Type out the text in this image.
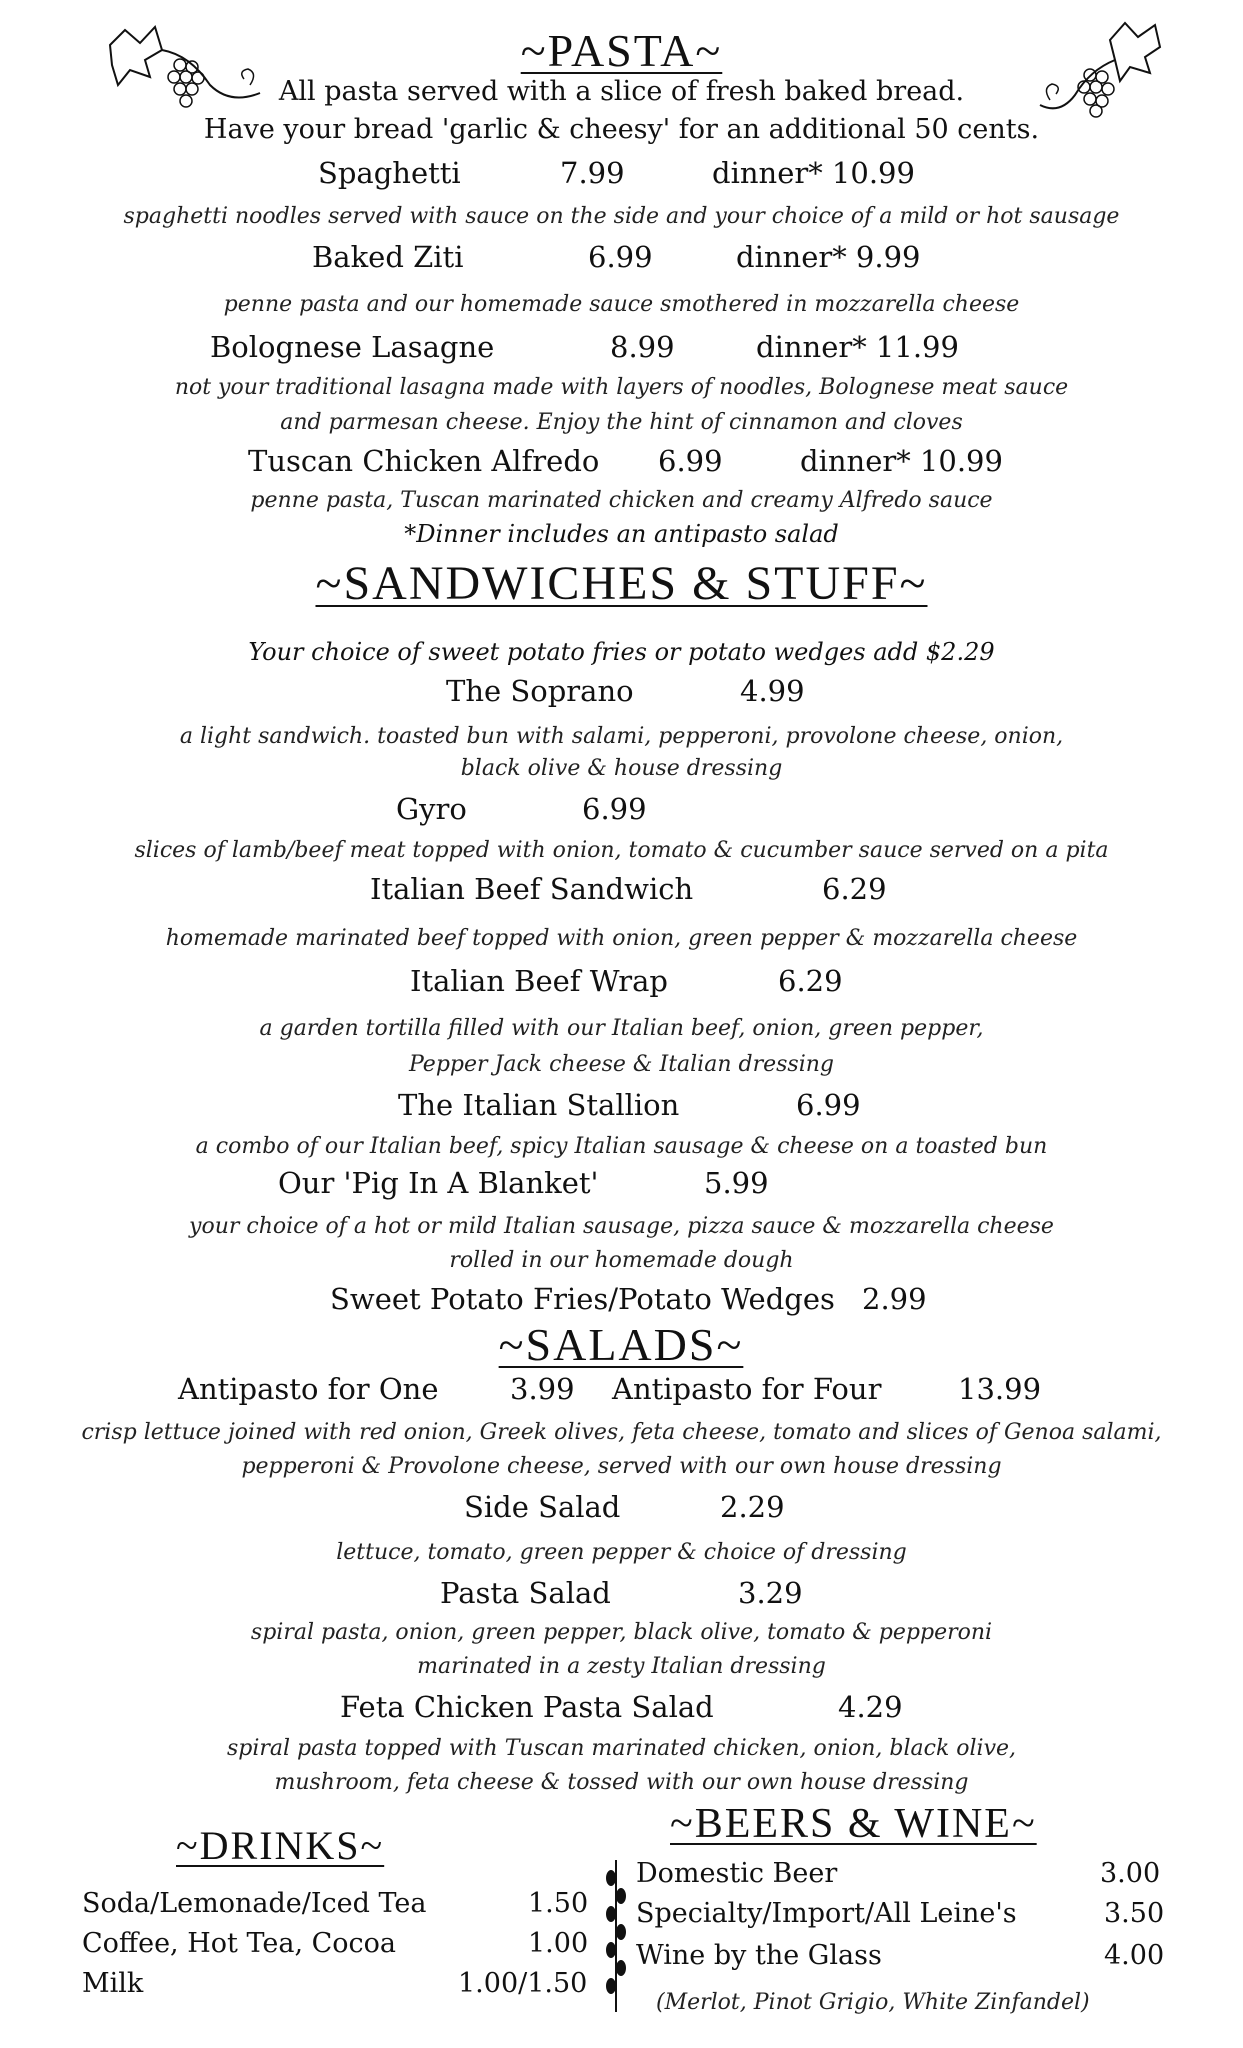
~PASTA~
All pasta served with a slice of fresh baked bread.
Have your bread 'garlic & cheesy' for an additional 50 cents.
Spaghetti	7.99	dinner* 10.99
spaghetti noodles served with sauce on the side and your choice of a mild or hot sausage
Baked Ziti	6.99	dinner* 9.99
penne pasta and our homemade sauce smothered in mozzarella cheese
Bolognese Lasagne	8.99	dinner* 11.99
not your traditional lasagna made with layers of noodles, Bolognese meat sauce
and parmesan cheese. Enjoy the hint of cinnamon and cloves
Tuscan Chicken Alfredo 6.99	dinner* 10.99
penne pasta, Tuscan marinated chicken and creamy Alfredo sauce
*Dinner includes an antipasto salad
~SANDWICHES & STUFF~
Your choice of sweet potato fries or potato wedges add $2.29
The Soprano	4.99
a light sandwich. toasted bun with salami, pepperoni, provolone cheese, onion,
black olive & house dressing
Gyro	6.99
slices of lamb/beef meat topped with onion, tomato & cucumber sauce served on a pita
Italian Beef Sandwich	6.29
homemade marinated beef topped with onion, green pepper & mozzarella cheese
Italian Beef Wrap	6.29
a garden tortilla filled with our Italian beef, onion, green pepper,
Pepper Jack cheese & Italian dressing
The Italian Stallion	6.99
a combo of our Italian beef, spicy Italian sausage & cheese on a toasted bun
Our 'Pig In A Blanket'	5.99
your choice of a hot or mild Italian sausage, pizza sauce & mozzarella cheese
rolled in our homemade dough
Sweet Potato Fries/Potato Wedges 2.99
~SALADS~
Antipasto for One 3.99 Antipasto for Four	13.99
crisp lettuce joined with red onion, Greek olives, feta cheese, tomato and slices of Genoa salami,
pepperoni & Provolone cheese, served with our own house dressing
Side Salad	2.29
lettuce, tomato, green pepper & choice of dressing
Pasta Salad	3.29
spiral pasta, onion, green pepper, black olive, tomato & pepperoni
marinated in a zesty Italian dressing
Feta Chicken Pasta Salad	4.29
spiral pasta topped with Tuscan marinated chicken, onion, black olive,
mushroom, feta cheese & tossed with our own house dressing
~DRINKS~
Soda/Lemonade/Iced Tea	1.50
Coffee, Hot Tea, Cocoa	1.00
Milk	1.00/1.50
~BEERS & WINE~
Domestic Beer	3.00
Specialty/Import/All Leine's	3.50
Wine by the Glass	4.00
(Merlot, Pinot Grigio, White Zinfandel)
